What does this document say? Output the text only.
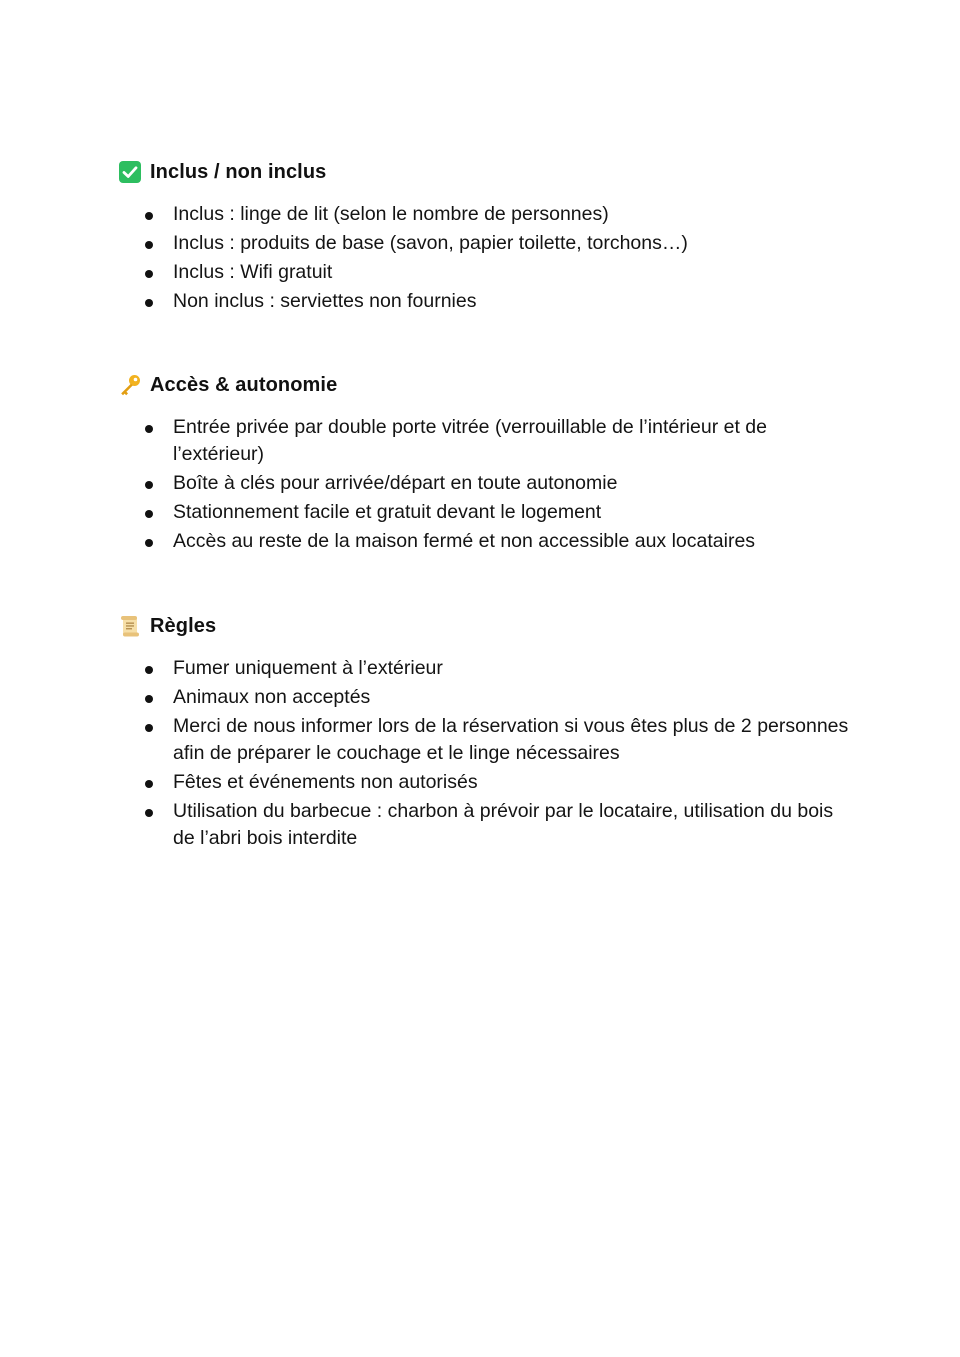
Inclus / non inclus
Inclus : linge de lit (selon le nombre de personnes)
Inclus : produits de base (savon, papier toilette, torchons…)
Inclus : Wifi gratuit
Non inclus : serviettes non fournies
Accès & autonomie
Entrée privée par double porte vitrée (verrouillable de l’intérieur et de l’extérieur)
Boîte à clés pour arrivée/départ en toute autonomie
Stationnement facile et gratuit devant le logement
Accès au reste de la maison fermé et non accessible aux locataires
Règles
Fumer uniquement à l’extérieur
Animaux non acceptés
Merci de nous informer lors de la réservation si vous êtes plus de 2 personnes afin de préparer le couchage et le linge nécessaires
Fêtes et événements non autorisés
Utilisation du barbecue : charbon à prévoir par le locataire, utilisation du bois de l’abri bois interdite
